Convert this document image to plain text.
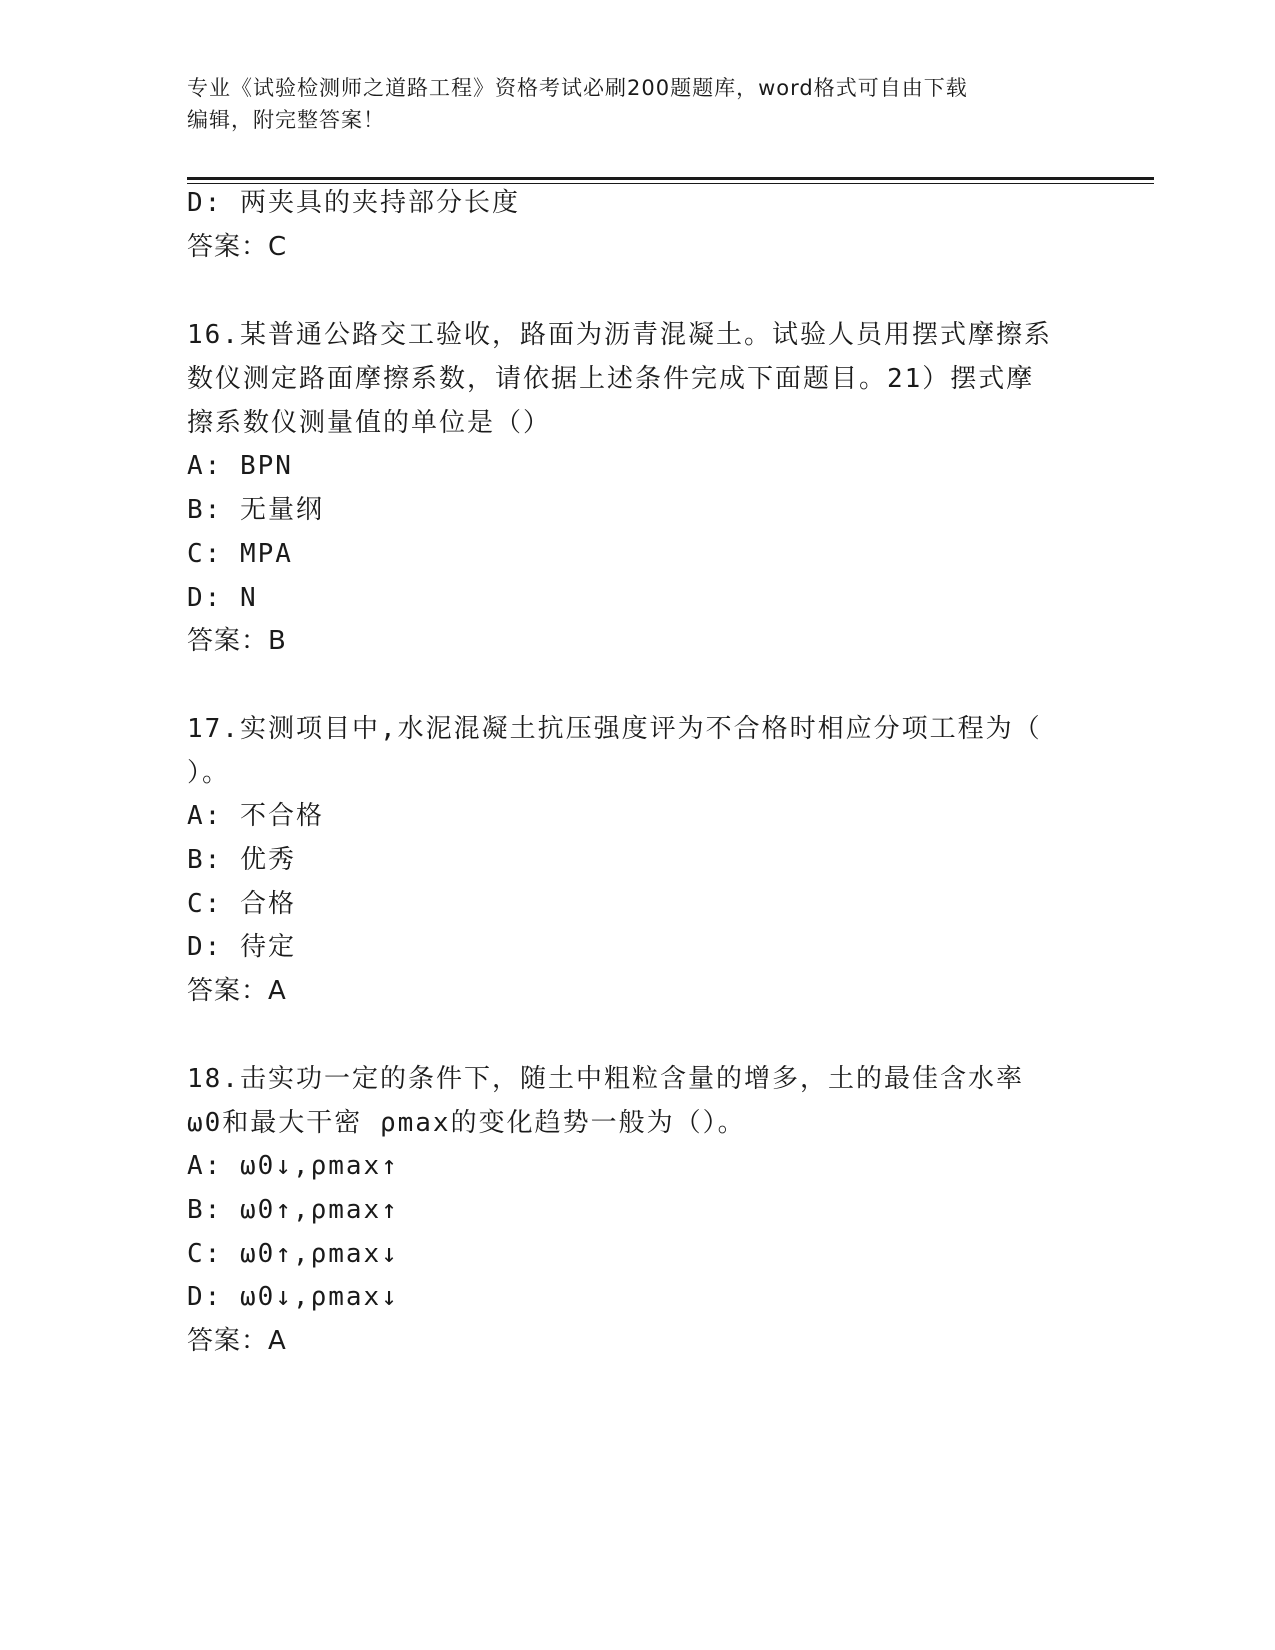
专业《试验检测师之道路工程》资格考试必刷200题题库，word格式可自由下载
编辑，附完整答案！
D: 两夹具的夹持部分长度
答案：C
16.某普通公路交工验收，路面为沥青混凝土。试验人员用摆式摩擦系
数仪测定路面摩擦系数，请依据上述条件完成下面题目。21）摆式摩
擦系数仪测量值的单位是（）
A: BPN
B: 无量纲
C: MPA
D: N
答案：B
17.实测项目中,水泥混凝土抗压强度评为不合格时相应分项工程为（
）。
A: 不合格
B: 优秀
C: 合格
D: 待定
答案：A
18.击实功一定的条件下，随土中粗粒含量的增多，土的最佳含水率
ω0和最大干密 ρmax的变化趋势一般为（）。
A: ω0↓,ρmax↑
B: ω0↑,ρmax↑
C: ω0↑,ρmax↓
D: ω0↓,ρmax↓
答案：A
